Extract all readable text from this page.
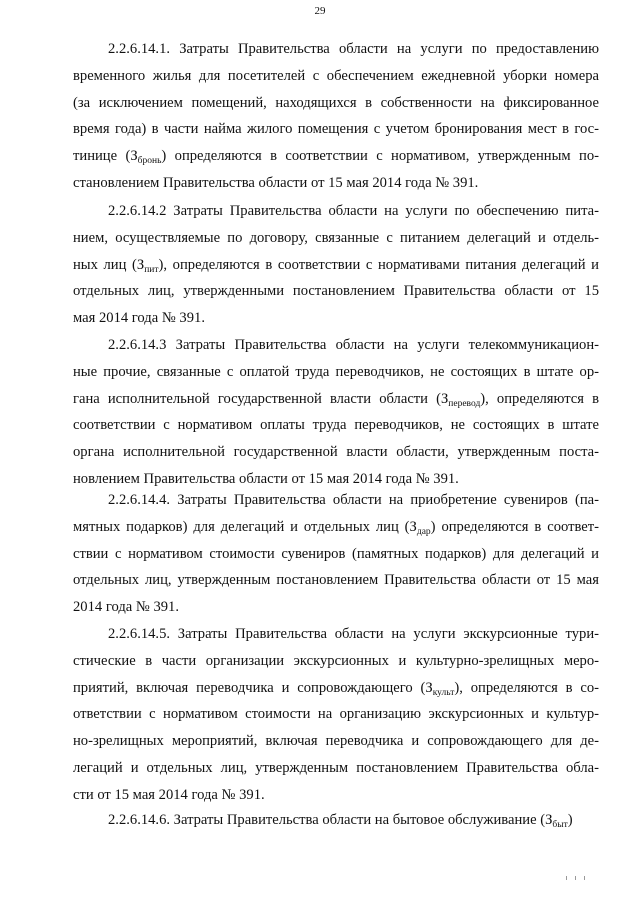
29
2.2.6.14.1. Затраты Правительства области на услуги по предоставлению
временного жилья для посетителей с обеспечением ежедневной уборки номера
(за исключением помещений, находящихся в собственности на фиксированное
время года) в части найма жилого помещения с учетом бронирования мест в гос-
тинице $(З_{бронь})$ определяются в соответствии с нормативом, утвержденным по-
становлением Правительства области от 15 мая 2014 года № 391.
2.2.6.14.2 Затраты Правительства области на услуги по обеспечению пита-
нием, осуществляемые по договору, связанные с питанием делегаций и отдель-
ных лиц $(З_{пит})$, определяются в соответствии с нормативами питания делегаций и
отдельных лиц, утвержденными постановлением Правительства области от 15
мая 2014 года № 391.
2.2.6.14.3 Затраты Правительства области на услуги телекоммуникацион-
ные прочие, связанные с оплатой труда переводчиков, не состоящих в штате ор-
гана исполнительной государственной власти области $(З_{перевод})$, определяются в
соответствии с нормативом оплаты труда переводчиков, не состоящих в штате
органа исполнительной государственной власти области, утвержденным поста-
новлением Правительства области от 15 мая 2014 года № 391.
2.2.6.14.4. Затраты Правительства области на приобретение сувениров (па-
мятных подарков) для делегаций и отдельных лиц $(З_{дар})$ определяются в соответ-
ствии с нормативом стоимости сувениров (памятных подарков) для делегаций и
отдельных лиц, утвержденным постановлением Правительства области от 15 мая
2014 года № 391.
2.2.6.14.5. Затраты Правительства области на услуги экскурсионные тури-
стические в части организации экскурсионных и культурно-зрелищных меро-
приятий, включая переводчика и сопровождающего $(З_{культ})$, определяются в со-
ответствии с нормативом стоимости на организацию экскурсионных и культур-
но-зрелищных мероприятий, включая переводчика и сопровождающего для де-
легаций и отдельных лиц, утвержденным постановлением Правительства обла-
сти от 15 мая 2014 года № 391.
2.2.6.14.6. Затраты Правительства области на бытовое обслуживание $(З_{быт})$
